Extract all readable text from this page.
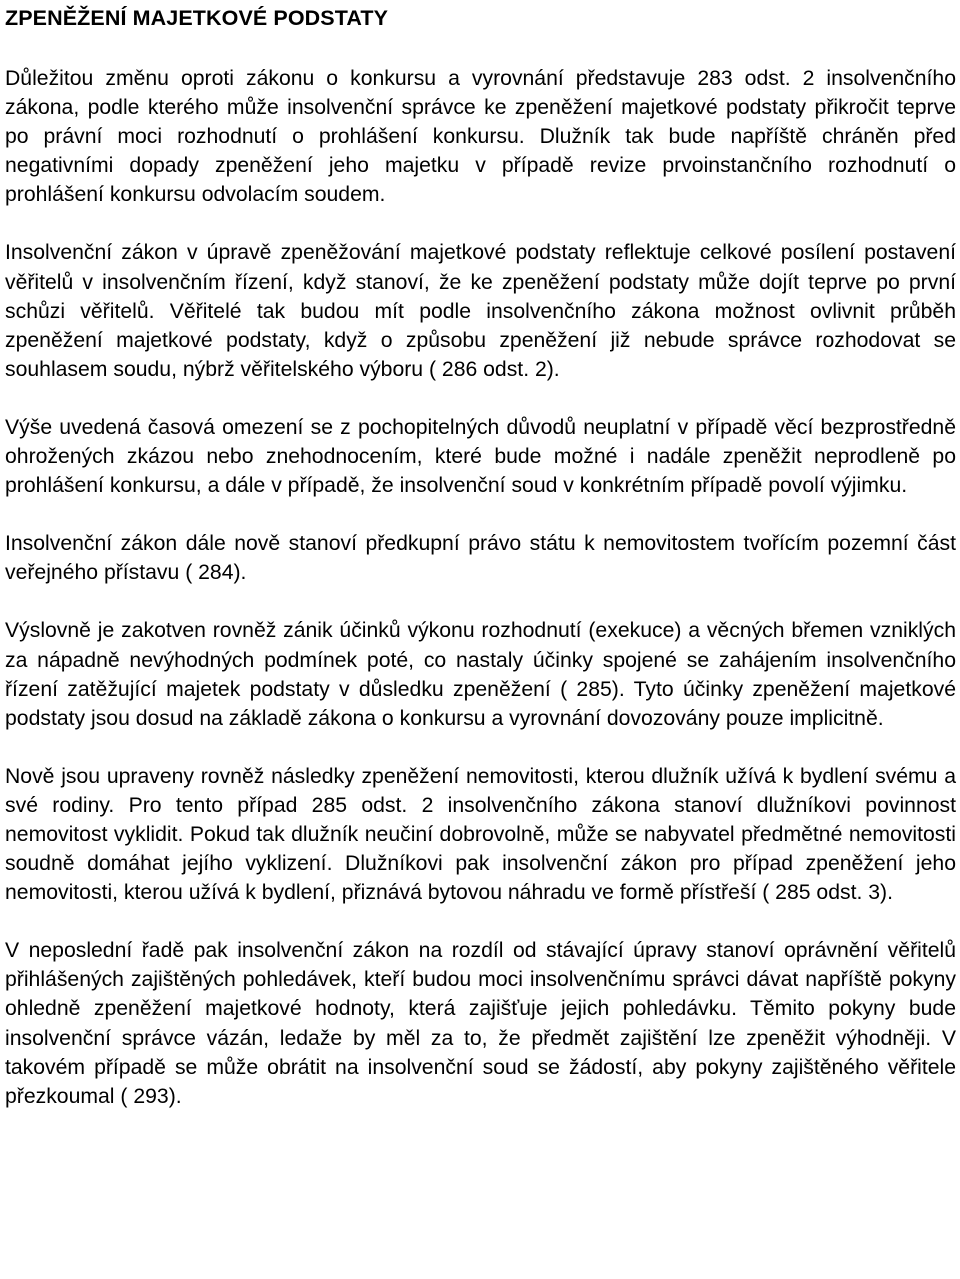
ZPENĚŽENÍ MAJETKOVÉ PODSTATY

Důležitou změnu oproti zákonu o konkursu a vyrovnání představuje 283 odst. 2 insolvenčního zákona, podle kterého může insolvenční správce ke zpeněžení majetkové podstaty přikročit teprve po právní moci rozhodnutí o prohlášení konkursu. Dlužník tak bude napříště chráněn před negativními dopady zpeněžení jeho majetku v případě revize prvoinstančního rozhodnutí o prohlášení konkursu odvolacím soudem.

Insolvenční zákon v úpravě zpeněžování majetkové podstaty reflektuje celkové posílení postavení věřitelů v insolvenčním řízení, když stanoví, že ke zpeněžení podstaty může dojít teprve po první schůzi věřitelů. Věřitelé tak budou mít podle insolvenčního zákona možnost ovlivnit průběh zpeněžení majetkové podstaty, když o způsobu zpeněžení již nebude správce rozhodovat se souhlasem soudu, nýbrž věřitelského výboru ( 286 odst. 2).

Výše uvedená časová omezení se z pochopitelných důvodů neuplatní v případě věcí bezprostředně ohrožených zkázou nebo znehodnocením, které bude možné i nadále zpeněžit neprodleně po prohlášení konkursu, a dále v případě, že insolvenční soud v konkrétním případě povolí výjimku.

Insolvenční zákon dále nově stanoví předkupní právo státu k nemovitostem tvořícím pozemní část veřejného přístavu ( 284).

Výslovně je zakotven rovněž zánik účinků výkonu rozhodnutí (exekuce) a věcných břemen vzniklých za nápadně nevýhodných podmínek poté, co nastaly účinky spojené se zahájením insolvenčního řízení zatěžující majetek podstaty v důsledku zpeněžení ( 285). Tyto účinky zpeněžení majetkové podstaty jsou dosud na základě zákona o konkursu a vyrovnání dovozovány pouze implicitně.

Nově jsou upraveny rovněž následky zpeněžení nemovitosti, kterou dlužník užívá k bydlení svému a své rodiny. Pro tento případ 285 odst. 2 insolvenčního zákona stanoví dlužníkovi povinnost nemovitost vyklidit. Pokud tak dlužník neučiní dobrovolně, může se nabyvatel předmětné nemovitosti soudně domáhat jejího vyklizení. Dlužníkovi pak insolvenční zákon pro případ zpeněžení jeho nemovitosti, kterou užívá k bydlení, přiznává bytovou náhradu ve formě přístřeší ( 285 odst. 3).

V neposlední řadě pak insolvenční zákon na rozdíl od stávající úpravy stanoví oprávnění věřitelů přihlášených zajištěných pohledávek, kteří budou moci insolvenčnímu správci dávat napříště pokyny ohledně zpeněžení majetkové hodnoty, která zajišťuje jejich pohledávku. Těmito pokyny bude insolvenční správce vázán, ledaže by měl za to, že předmět zajištění lze zpeněžit výhodněji. V takovém případě se může obrátit na insolvenční soud se žádostí, aby pokyny zajištěného věřitele přezkoumal ( 293).
